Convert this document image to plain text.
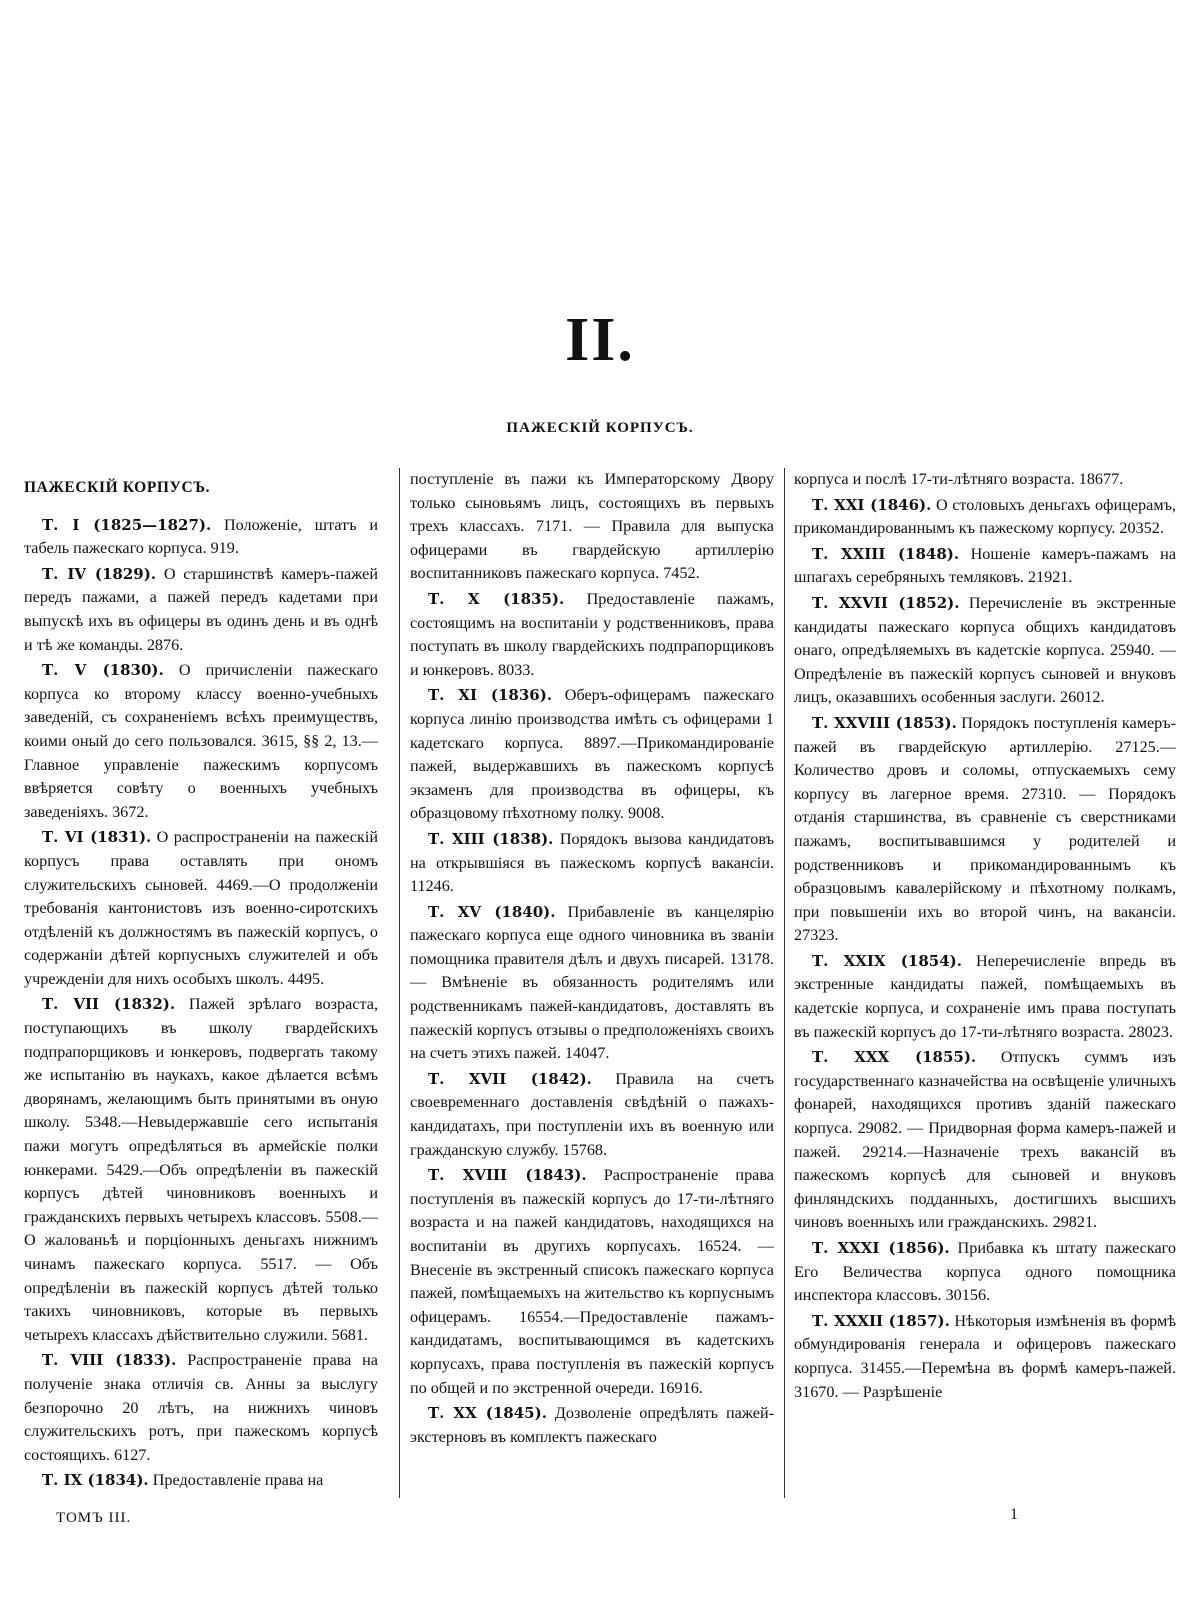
II.
ПАЖЕСКІЙ КОРПУСЪ.
ПАЖЕСКІЙ КОРПУСЪ.

Т. I (1825—1827). Положеніе, штатъ и табель пажескаго корпуса. 919.

Т. IV (1829). О старшинствѣ камеръ-пажей передъ пажами, а пажей передъ кадетами при выпускѣ ихъ въ офицеры въ одинъ день и въ однѣ и тѣ же команды. 2876.

Т. V (1830). О причисленіи пажескаго корпуса ко второму классу военно-учебныхъ заведеній, съ сохраненіемъ всѣхъ преимуществъ, коими оный до сего пользовался. 3615, §§ 2, 13.—Главное управленіе пажескимъ корпусомъ ввѣряется совѣту о военныхъ учебныхъ заведеніяхъ. 3672.

Т. VI (1831). О распространеніи на пажескій корпусъ права оставлять при ономъ служительскихъ сыновей. 4469.—О продолженіи требованія кантонистовъ изъ военно-сиротскихъ отдѣленій къ должностямъ въ пажескій корпусъ, о содержаніи дѣтей корпусныхъ служителей и объ учрежденіи для нихъ особыхъ школъ. 4495.

Т. VII (1832). Пажей зрѣлаго возраста, поступающихъ въ школу гвардейскихъ подпрапорщиковъ и юнкеровъ, подвергать такому же испытанію въ наукахъ, какое дѣлается всѣмъ дворянамъ, желающимъ быть принятыми въ оную школу. 5348.—Невыдержавшіе сего испытанія пажи могутъ опредѣляться въ армейскіе полки юнкерами. 5429.—Объ опредѣленіи въ пажескій корпусъ дѣтей чиновниковъ военныхъ и гражданскихъ первыхъ четырехъ классовъ. 5508.—О жалованьѣ и порціонныхъ деньгахъ нижнимъ чинамъ пажескаго корпуса. 5517. — Объ опредѣленіи въ пажескій корпусъ дѣтей только такихъ чиновниковъ, которые въ первыхъ четырехъ классахъ дѣйствительно служили. 5681.

Т. VIII (1833). Распространеніе права на полученіе знака отличія св. Анны за выслугу безпорочно 20 лѣтъ, на нижнихъ чиновъ служительскихъ ротъ, при пажескомъ корпусѣ состоящихъ. 6127.

Т. IX (1834). Предоставленіе права на

поступленіе въ пажи къ Императорскому Двору только сыновьямъ лицъ, состоящихъ въ первыхъ трехъ классахъ. 7171. — Правила для выпуска офицерами въ гвардейскую артиллерію воспитанниковъ пажескаго корпуса. 7452.

Т. X (1835). Предоставленіе пажамъ, состоящимъ на воспитаніи у родственниковъ, права поступать въ школу гвардейскихъ подпрапорщиковъ и юнкеровъ. 8033.

Т. XI (1836). Оберъ-офицерамъ пажескаго корпуса линію производства имѣть съ офицерами 1 кадетскаго корпуса. 8897.—Прикомандированіе пажей, выдержавшихъ въ пажескомъ корпусѣ экзаменъ для производства въ офицеры, къ образцовому пѣхотному полку. 9008.

Т. XIII (1838). Порядокъ вызова кандидатовъ на открывшіяся въ пажескомъ корпусѣ вакансіи. 11246.

Т. XV (1840). Прибавленіе въ канцелярію пажескаго корпуса еще одного чиновника въ званіи помощника правителя дѣлъ и двухъ писарей. 13178. — Вмѣненіе въ обязанность родителямъ или родственникамъ пажей-кандидатовъ, доставлять въ пажескій корпусъ отзывы о предположеніяхъ своихъ на счетъ этихъ пажей. 14047.

Т. XVII (1842). Правила на счетъ своевременнаго доставленія свѣдѣній о пажахъ-кандидатахъ, при поступленіи ихъ въ военную или гражданскую службу. 15768.

Т. XVIII (1843). Распространеніе права поступленія въ пажескій корпусъ до 17-ти-лѣтняго возраста и на пажей кандидатовъ, находящихся на воспитаніи въ другихъ корпусахъ. 16524. — Внесеніе въ экстренный списокъ пажескаго корпуса пажей, помѣщаемыхъ на жительство къ корпуснымъ офицерамъ. 16554.—Предоставленіе пажамъ-кандидатамъ, воспитывающимся въ кадетскихъ корпусахъ, права поступленія въ пажескій корпусъ по общей и по экстренной очереди. 16916.

Т. XX (1845). Дозволеніе опредѣлять пажей-экстерновъ въ комплектъ пажескаго

корпуса и послѣ 17-ти-лѣтняго возраста. 18677.

Т. XXI (1846). О столовыхъ деньгахъ офицерамъ, прикомандированнымъ къ пажескому корпусу. 20352.

Т. XXIII (1848). Ношеніе камеръ-пажамъ на шпагахъ серебряныхъ темляковъ. 21921.

Т. XXVII (1852). Перечисленіе въ экстренные кандидаты пажескаго корпуса общихъ кандидатовъ онаго, опредѣляемыхъ въ кадетскіе корпуса. 25940. — Опредѣленіе въ пажескій корпусъ сыновей и внуковъ лицъ, оказавшихъ особенныя заслуги. 26012.

Т. XXVIII (1853). Порядокъ поступленія камеръ-пажей въ гвардейскую артиллерію. 27125.—Количество дровъ и соломы, отпускаемыхъ сему корпусу въ лагерное время. 27310. — Порядокъ отданія старшинства, въ сравненіе съ сверстниками пажамъ, воспитывавшимся у родителей и родственниковъ и прикомандированнымъ къ образцовымъ кавалерійскому и пѣхотному полкамъ, при повышеніи ихъ во второй чинъ, на вакансіи. 27323.

Т. XXIX (1854). Неперечисленіе впредь въ экстренные кандидаты пажей, помѣщаемыхъ въ кадетскіе корпуса, и сохраненіе имъ права поступать въ пажескій корпусъ до 17-ти-лѣтняго возраста. 28023.

Т. XXX (1855). Отпускъ суммъ изъ государственнаго казначейства на освѣщеніе уличныхъ фонарей, находящихся противъ зданій пажескаго корпуса. 29082. — Придворная форма камеръ-пажей и пажей. 29214.—Назначеніе трехъ вакансій въ пажескомъ корпусѣ для сыновей и внуковъ финляндскихъ подданныхъ, достигшихъ высшихъ чиновъ военныхъ или гражданскихъ. 29821.

Т. XXXI (1856). Прибавка къ штату пажескаго Его Величества корпуса одного помощника инспектора классовъ. 30156.

Т. XXXII (1857). Нѣкоторыя измѣненія въ формѣ обмундированія генерала и офицеровъ пажескаго корпуса. 31455.—Перемѣна въ формѣ камеръ-пажей. 31670. — Разрѣшеніе

ТОМЪ III.	1
